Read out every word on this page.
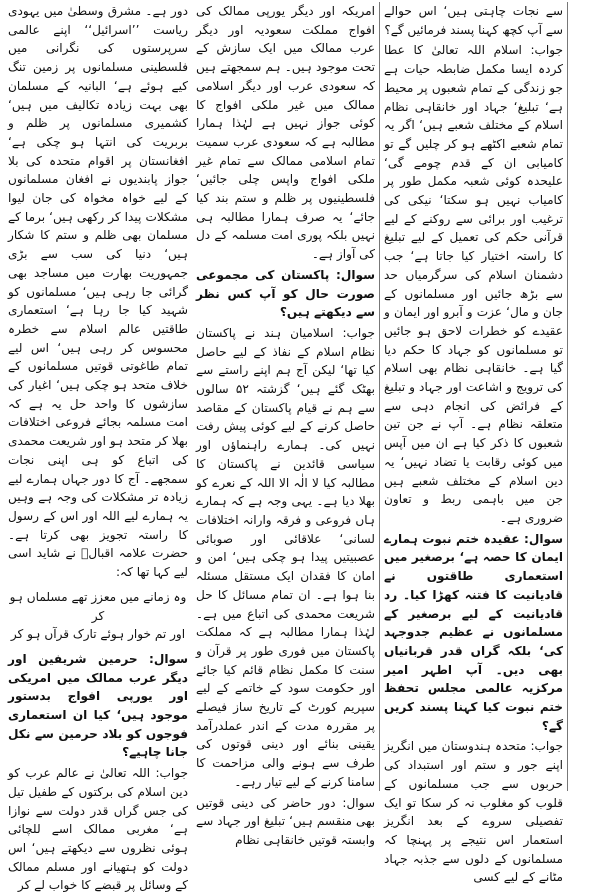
دور ہے۔ مشرق وسطیٰ میں یہودی ریاست ’’اسرائیل‘‘ اپنے عالمی سرپرستوں کی نگرانی میں فلسطینی مسلمانوں پر زمین تنگ کیے ہوئے ہے‘ البانیہ کے مسلمان بھی بہت زیادہ تکالیف میں ہیں‘ کشمیری مسلمانوں پر ظلم و بربریت کی انتہا ہو چکی ہے‘ افغانستان پر اقوام متحدہ کی بلا جواز پابندیوں نے افغان مسلمانوں کے لیے خواہ مخواہ کی جان لیوا مشکلات پیدا کر رکھی ہیں‘ برما کے مسلمان بھی ظلم و ستم کا شکار ہیں‘ دنیا کی سب سے بڑی جمہوریت بھارت میں مساجد بھی گرائی جا رہی ہیں‘ مسلمانوں کو شہید کیا جا رہا ہے‘ استعماری طاقتیں عالم اسلام سے خطرہ محسوس کر رہی ہیں‘ اس لیے تمام طاغوتی قوتیں مسلمانوں کے خلاف متحد ہو چکی ہیں‘ اغیار کی سازشوں کا واحد حل یہ ہے کہ امت مسلمہ بجائے فروعی اختلافات بھلا کر متحد ہو اور شریعت محمدی کی اتباع کو ہی اپنی نجات سمجھے۔ آج کا دور جہاں ہمارے لیے زیادہ تر مشکلات کی وجہ ہے وہیں یہ ہمارے لیے اللہ اور اس کے رسول کا راستہ تجویز بھی کرتا ہے۔ حضرت علامہ اقبالؒ نے شاید اسی لیے کہا تھا کہ:

وہ زمانے میں معزز تھے مسلماں ہو کر
اور تم خوار ہوئے تارک قرآں ہو کر

سوال: حرمین شریفین اور دیگر عرب ممالک میں امریکی اور یورپی افواج بدستور موجود ہیں‘ کیا ان استعماری فوجوں کو بلاد حرمین سے نکل جانا چاہیے؟

جواب: اللہ تعالیٰ نے عالم عرب کو دین اسلام کی برکتوں کے طفیل تیل کی جس گراں قدر دولت سے نوازا ہے‘ مغربی ممالک اسے للچائی ہوئی نظروں سے دیکھتے ہیں‘ اس دولت کو ہتھیانے اور مسلم ممالک کے وسائل پر قبضے کا خواب لے کر

امریکہ اور دیگر یورپی ممالک کی افواج مملکت سعودیہ اور دیگر عرب ممالک میں ایک سازش کے تحت موجود ہیں۔ ہم سمجھتے ہیں کہ سعودی عرب اور دیگر اسلامی ممالک میں غیر ملکی افواج کا کوئی جواز نہیں ہے لہٰذا ہمارا مطالبہ ہے کہ سعودی عرب سمیت تمام اسلامی ممالک سے تمام غیر ملکی افواج واپس چلی جائیں‘ فلسطینیوں پر ظلم و ستم بند کیا جائے‘ یہ صرف ہمارا مطالبہ ہی نہیں بلکہ پوری امت مسلمہ کے دل کی آواز ہے۔

سوال: پاکستان کی مجموعی صورت حال کو آپ کس نظر سے دیکھتے ہیں؟

جواب: اسلامیان ہند نے پاکستان نظام اسلام کے نفاذ کے لیے حاصل کیا تھا‘ لیکن آج ہم اپنے راستے سے بھٹک گئے ہیں‘ گزشتہ ۵۲ سالوں سے ہم نے قیام پاکستان کے مقاصد حاصل کرنے کے لیے کوئی پیش رفت نہیں کی۔ ہمارے راہنماؤں اور سیاسی قائدین نے پاکستان کا مطالبہ کیا لا الٰہ الا اللہ کے نعرے کو بھلا دیا ہے۔ یہی وجہ ہے کہ ہمارے ہاں فروعی و فرقہ وارانہ اختلافات لسانی‘ علاقائی اور صوبائی عصبیتیں پیدا ہو چکی ہیں‘ امن و امان کا فقدان ایک مستقل مسئلہ بنا ہوا ہے۔ ان تمام مسائل کا حل شریعت محمدی کی اتباع میں ہے۔ لہٰذا ہمارا مطالبہ ہے کہ مملکت پاکستان میں فوری طور پر قرآن و سنت کا مکمل نظام قائم کیا جائے اور حکومت سود کے خاتمے کے لیے سپریم کورٹ کے تاریخ ساز فیصلے پر مقررہ مدت کے اندر عملدرآمد یقینی بنائے اور دینی قوتوں کی طرف سے ہونے والی مزاحمت کا سامنا کرنے کے لیے تیار رہے۔

سوال: دور حاضر کی دینی قوتیں بھی منقسم ہیں‘ تبلیغ اور جہاد سے وابستہ قوتیں خانقاہی نظام

سے نجات چاہتی ہیں‘ اس حوالے سے آپ کچھ کہنا پسند فرمائیں گے؟

جواب: اسلام اللہ تعالیٰ کا عطا کردہ ایسا مکمل ضابطہ حیات ہے جو زندگی کے تمام شعبوں پر محیط ہے‘ تبلیغ‘ جہاد اور خانقاہی نظام اسلام کے مختلف شعبے ہیں‘ اگر یہ تمام شعبے اکٹھے ہو کر چلیں گے تو کامیابی ان کے قدم چومے گی‘ علیحدہ کوئی شعبہ مکمل طور پر کامیاب نہیں ہو سکتا‘ نیکی کی ترغیب اور برائی سے روکنے کے لیے قرآنی حکم کی تعمیل کے لیے تبلیغ کا راستہ اختیار کیا جاتا ہے‘ جب دشمنان اسلام کی سرگرمیاں حد سے بڑھ جائیں اور مسلمانوں کے جان و مال‘ عزت و آبرو اور ایمان و عقیدے کو خطرات لاحق ہو جائیں تو مسلمانوں کو جہاد کا حکم دیا گیا ہے۔ خانقاہی نظام بھی اسلام کی ترویج و اشاعت اور جہاد و تبلیغ کے فرائض کی انجام دہی سے متعلقہ نظام ہے۔ آپ نے جن تین شعبوں کا ذکر کیا ہے ان میں آپس میں کوئی رقابت یا تضاد نہیں‘ یہ دین اسلام کے مختلف شعبے ہیں جن میں باہمی ربط و تعاون ضروری ہے۔

سوال: عقیدہ ختم نبوت ہمارے ایمان کا حصہ ہے‘ برصغیر میں استعماری طاقتوں نے قادیانیت کا فتنہ کھڑا کیا۔ رد قادیانیت کے لیے برصغیر کے مسلمانوں نے عظیم جدوجہد کی‘ بلکہ گراں قدر قربانیاں بھی دیں۔ آپ اطہر امیر مرکزیہ عالمی مجلس تحفظ ختم نبوت کیا کہنا پسند کریں گے؟

جواب: متحدہ ہندوستان میں انگریز اپنے جور و ستم اور استبداد کی حربوں سے جب مسلمانوں کے قلوب کو مغلوب نہ کر سکا تو ایک تفصیلی سروے کے بعد انگریز استعمار اس نتیجے پر پہنچا کہ مسلمانوں کے دلوں سے جذبہ جہاد مٹانے کے لیے کسی
